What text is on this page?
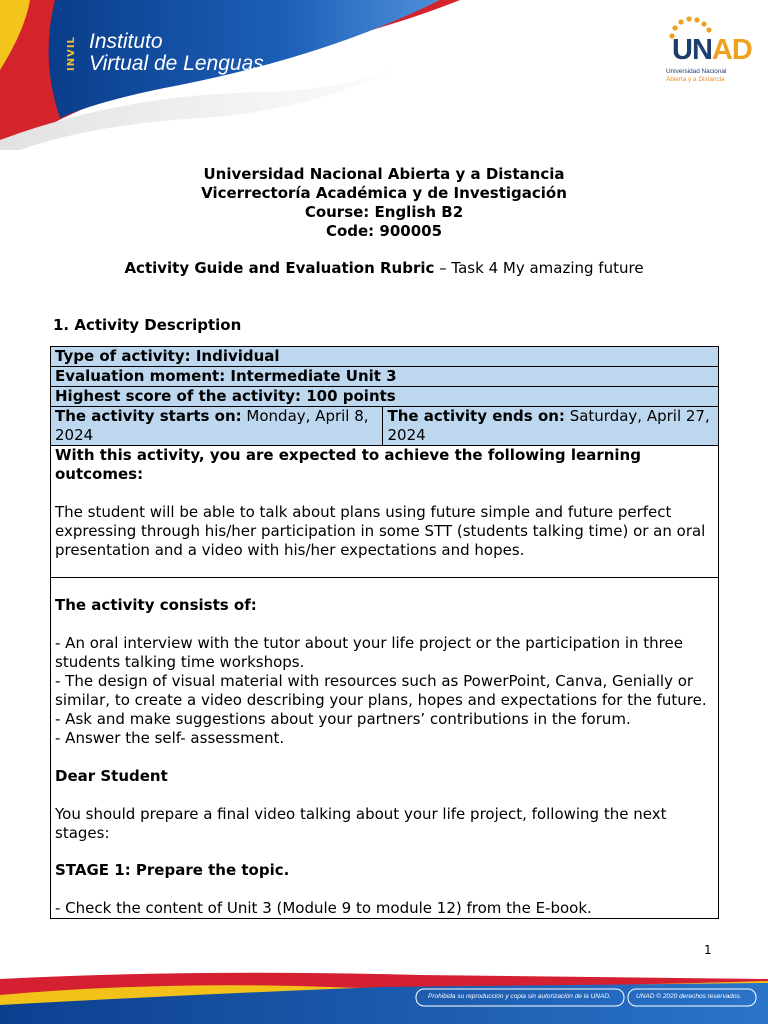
INVIL Instituto
Virtual de Lenguas	UNAD
Universidad Nacional
Abierta y a Distancia
Universidad Nacional Abierta y a Distancia
Vicerrectoría Académica y de Investigación
Course: English B2
Code: 900005
Activity Guide and Evaluation Rubric – Task 4 My amazing future
1. Activity Description
Type of activity: Individual
Evaluation moment: Intermediate Unit 3
Highest score of the activity: 100 points
The activity starts on: Monday, April 8, 2024	The activity ends on: Saturday, April 27, 2024

With this activity, you are expected to achieve the following learning outcomes:

The student will be able to talk about plans using future simple and future perfect expressing through his/her participation in some STT (students talking time) or an oral presentation and a video with his/her expectations and hopes.

The activity consists of:

- An oral interview with the tutor about your life project or the participation in three students talking time workshops.

- The design of visual material with resources such as PowerPoint, Canva, Genially or similar, to create a video describing your plans, hopes and expectations for the future.

- Ask and make suggestions about your partners’ contributions in the forum.

- Answer the self- assessment.

Dear Student

You should prepare a final video talking about your life project, following the next stages:

STAGE 1: Prepare the topic.

- Check the content of Unit 3 (Module 9 to module 12) from the E-book.

1
Prohibida su reproducción y copia sin autorización de la UNAD.	UNAD © 2020 derechos reservados.
